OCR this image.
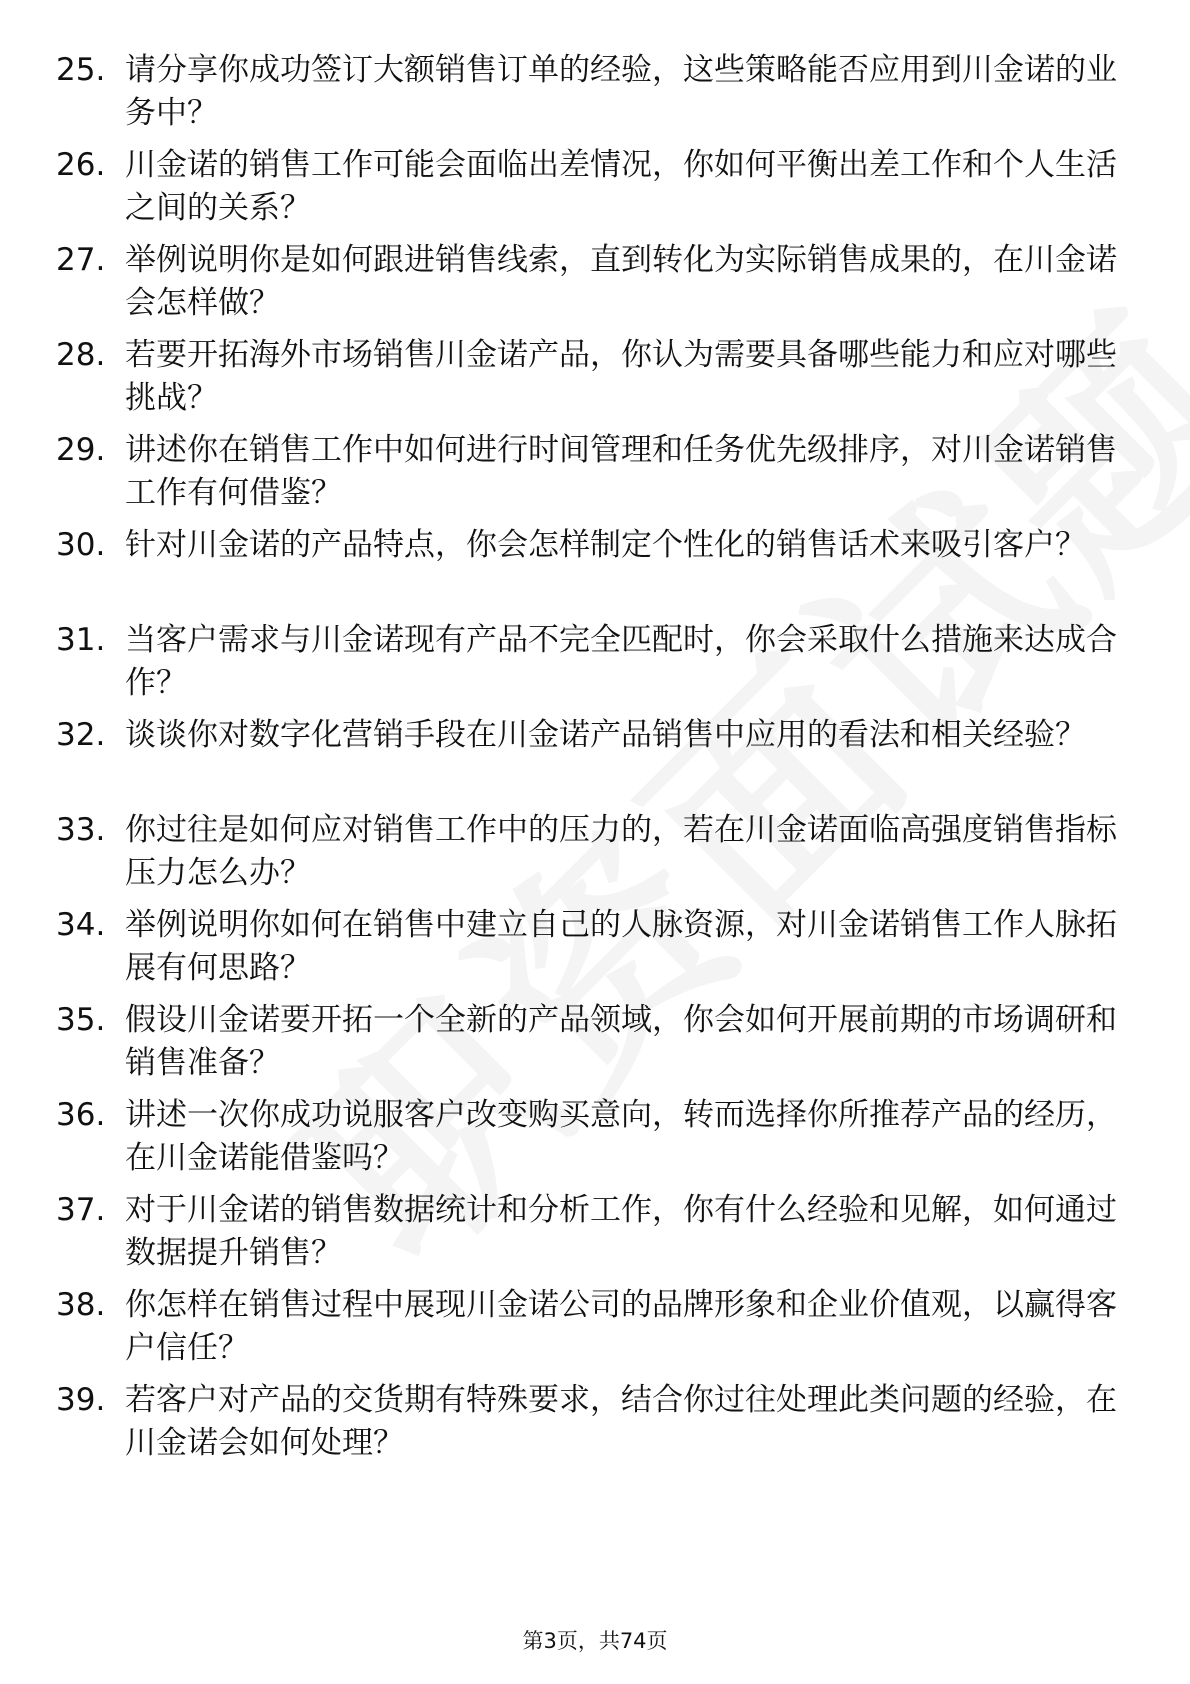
25. 请分享你成功签订大额销售订单的经验，这些策略能否应用到川金诺的业务中？
26. 川金诺的销售工作可能会面临出差情况，你如何平衡出差工作和个人生活之间的关系？
27. 举例说明你是如何跟进销售线索，直到转化为实际销售成果的，在川金诺会怎样做？
28. 若要开拓海外市场销售川金诺产品，你认为需要具备哪些能力和应对哪些挑战？
29. 讲述你在销售工作中如何进行时间管理和任务优先级排序，对川金诺销售工作有何借鉴？
30. 针对川金诺的产品特点，你会怎样制定个性化的销售话术来吸引客户？
31. 当客户需求与川金诺现有产品不完全匹配时，你会采取什么措施来达成合作？
32. 谈谈你对数字化营销手段在川金诺产品销售中应用的看法和相关经验？
33. 你过往是如何应对销售工作中的压力的，若在川金诺面临高强度销售指标压力怎么办？
34. 举例说明你如何在销售中建立自己的人脉资源，对川金诺销售工作人脉拓展有何思路？
35. 假设川金诺要开拓一个全新的产品领域，你会如何开展前期的市场调研和销售准备？
36. 讲述一次你成功说服客户改变购买意向，转而选择你所推荐产品的经历，在川金诺能借鉴吗？
37. 对于川金诺的销售数据统计和分析工作，你有什么经验和见解，如何通过数据提升销售？
38. 你怎样在销售过程中展现川金诺公司的品牌形象和企业价值观，以赢得客户信任？
39. 若客户对产品的交货期有特殊要求，结合你过往处理此类问题的经验，在川金诺会如何处理？
第3页，共74页
